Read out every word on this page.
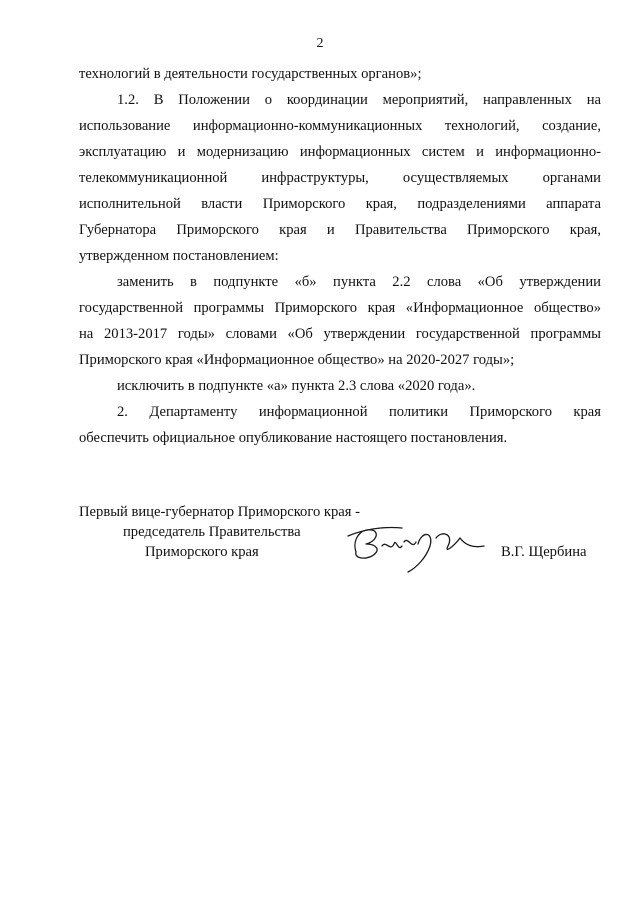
2
технологий в деятельности государственных органов»;
1.2. В Положении о координации мероприятий, направленных на
использование информационно-коммуникационных технологий, создание,
эксплуатацию и модернизацию информационных систем и информационно-
телекоммуникационной инфраструктуры, осуществляемых органами
исполнительной власти Приморского края, подразделениями аппарата
Губернатора Приморского края и Правительства Приморского края,
утвержденном постановлением:
заменить в подпункте «б» пункта 2.2 слова «Об утверждении
государственной программы Приморского края «Информационное общество»
на 2013-2017 годы» словами «Об утверждении государственной программы
Приморского края «Информационное общество» на 2020-2027 годы»;
исключить в подпункте «а» пункта 2.3 слова «2020 года».
2. Департаменту информационной политики Приморского края
обеспечить официальное опубликование настоящего постановления.
Первый вице-губернатор Приморского края -
председатель Правительства
Приморского края	В.Г. Щербина
